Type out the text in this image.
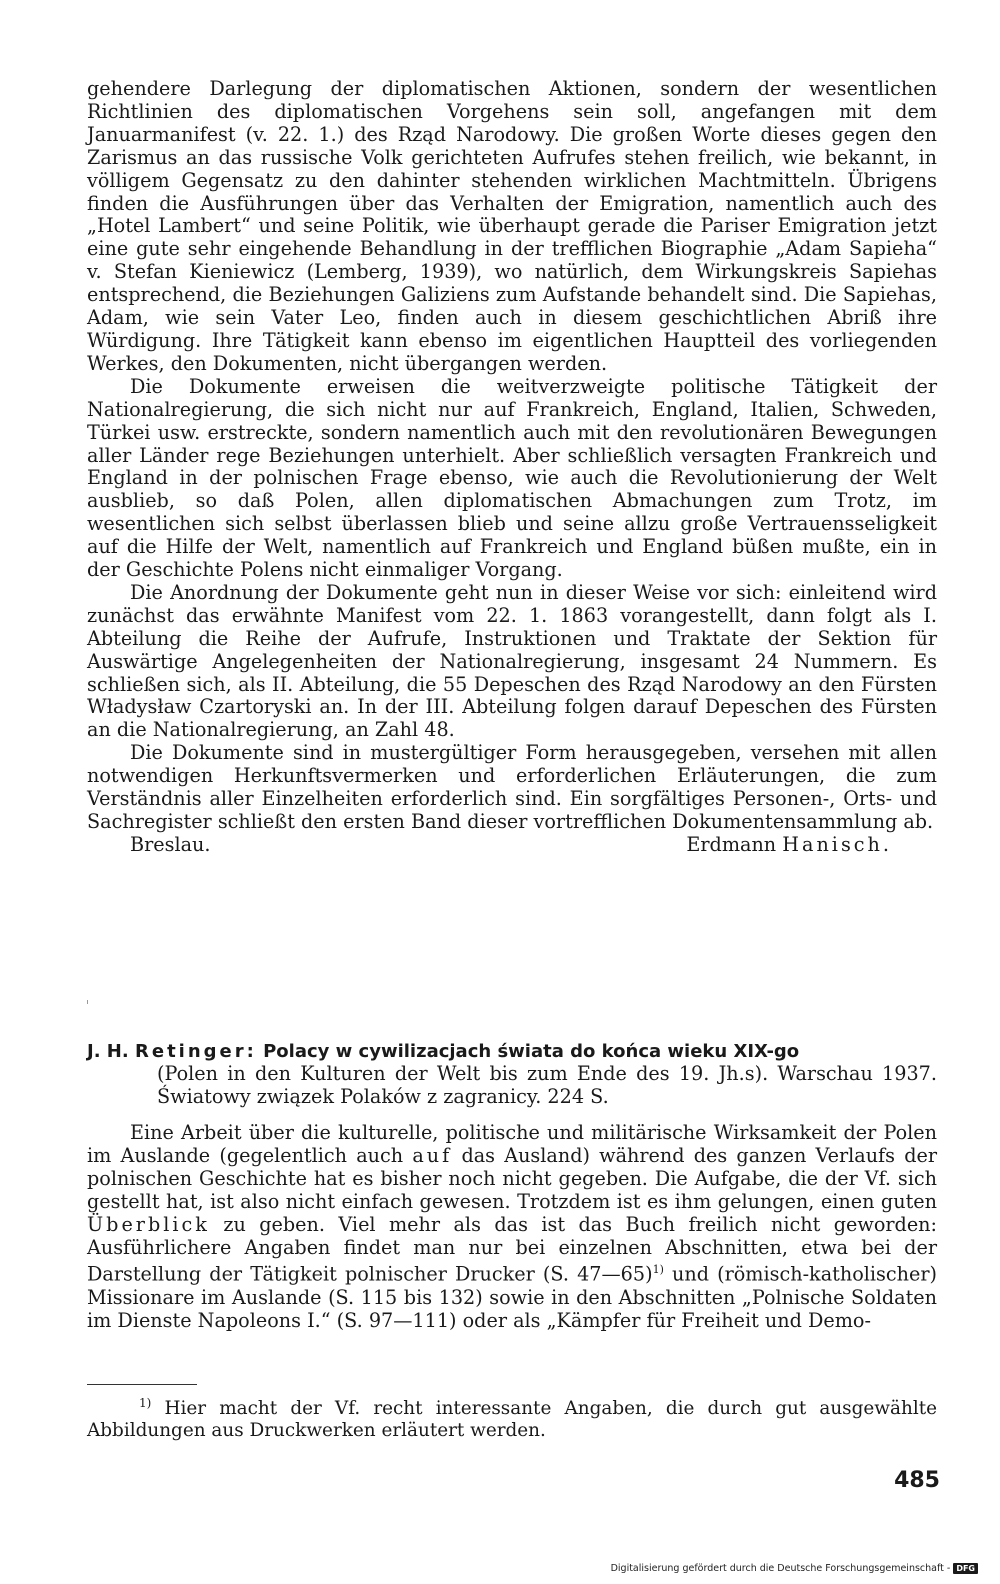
gehendere Darlegung der diplomatischen Aktionen, sondern der wesentlichen Richtlinien des diplomatischen Vorgehens sein soll, angefangen mit dem Januarmanifest (v. 22. 1.) des Rząd Narodowy. Die großen Worte dieses gegen den Zarismus an das russische Volk gerichteten Aufrufes stehen freilich, wie bekannt, in völligem Gegensatz zu den dahinter stehenden wirklichen Machtmitteln. Übrigens finden die Ausführungen über das Verhalten der Emigration, namentlich auch des „Hotel Lambert“ und seine Politik, wie überhaupt gerade die Pariser Emigration jetzt eine gute sehr eingehende Behandlung in der trefflichen Biographie „Adam Sapieha“ v. Stefan Kieniewicz (Lemberg, 1939), wo natürlich, dem Wirkungskreis Sapiehas entsprechend, die Beziehungen Galiziens zum Aufstande behandelt sind. Die Sapiehas, Adam, wie sein Vater Leo, finden auch in diesem geschichtlichen Abriß ihre Würdigung. Ihre Tätigkeit kann ebenso im eigentlichen Hauptteil des vorliegenden Werkes, den Dokumenten, nicht übergangen werden.

Die Dokumente erweisen die weitverzweigte politische Tätigkeit der Nationalregierung, die sich nicht nur auf Frankreich, England, Italien, Schweden, Türkei usw. erstreckte, sondern namentlich auch mit den revolutionären Bewegungen aller Länder rege Beziehungen unterhielt. Aber schließlich versagten Frankreich und England in der polnischen Frage ebenso, wie auch die Revolutionierung der Welt ausblieb, so daß Polen, allen diplomatischen Abmachungen zum Trotz, im wesentlichen sich selbst überlassen blieb und seine allzu große Vertrauensseligkeit auf die Hilfe der Welt, namentlich auf Frankreich und England büßen mußte, ein in der Geschichte Polens nicht einmaliger Vorgang.

Die Anordnung der Dokumente geht nun in dieser Weise vor sich: einleitend wird zunächst das erwähnte Manifest vom 22. 1. 1863 vorangestellt, dann folgt als I. Abteilung die Reihe der Aufrufe, Instruktionen und Traktate der Sektion für Auswärtige Angelegenheiten der Nationalregierung, insgesamt 24 Nummern. Es schließen sich, als II. Abteilung, die 55 Depeschen des Rząd Narodowy an den Fürsten Władysław Czartoryski an. In der III. Abteilung folgen darauf Depeschen des Fürsten an die Nationalregierung, an Zahl 48.

Die Dokumente sind in mustergültiger Form herausgegeben, versehen mit allen notwendigen Herkunftsvermerken und erforderlichen Erläuterungen, die zum Verständnis aller Einzelheiten erforderlich sind. Ein sorgfältiges Personen-, Orts- und Sachregister schließt den ersten Band dieser vortrefflichen Dokumentensammlung ab.

Breslau.	Erdmann Hanisch.

J. H. Retinger: Polacy w cywilizacjach świata do końca wieku XIX-go

(Polen in den Kulturen der Welt bis zum Ende des 19. Jh.s). Warschau 1937. Światowy związek Polaków z zagranicy. 224 S.

Eine Arbeit über die kulturelle, politische und militärische Wirksamkeit der Polen im Auslande (gegelentlich auch auf das Ausland) während des ganzen Verlaufs der polnischen Geschichte hat es bisher noch nicht gegeben. Die Aufgabe, die der Vf. sich gestellt hat, ist also nicht einfach gewesen. Trotzdem ist es ihm gelungen, einen guten Überblick zu geben. Viel mehr als das ist das Buch freilich nicht geworden: Ausführlichere Angaben findet man nur bei einzelnen Abschnitten, etwa bei der Darstellung der Tätigkeit polnischer Drucker (S. 47—65)$^{1)}$ und (römisch-katholischer) Missionare im Auslande (S. 115 bis 132) sowie in den Abschnitten „Polnische Soldaten im Dienste Napoleons I.“ (S. 97—111) oder als „Kämpfer für Freiheit und Demo-

$^{1)}$ Hier macht der Vf. recht interessante Angaben, die durch gut ausgewählte Abbildungen aus Druckwerken erläutert werden.

485
Digitalisierung gefördert durch die Deutsche Forschungsgemeinschaft - DFG
